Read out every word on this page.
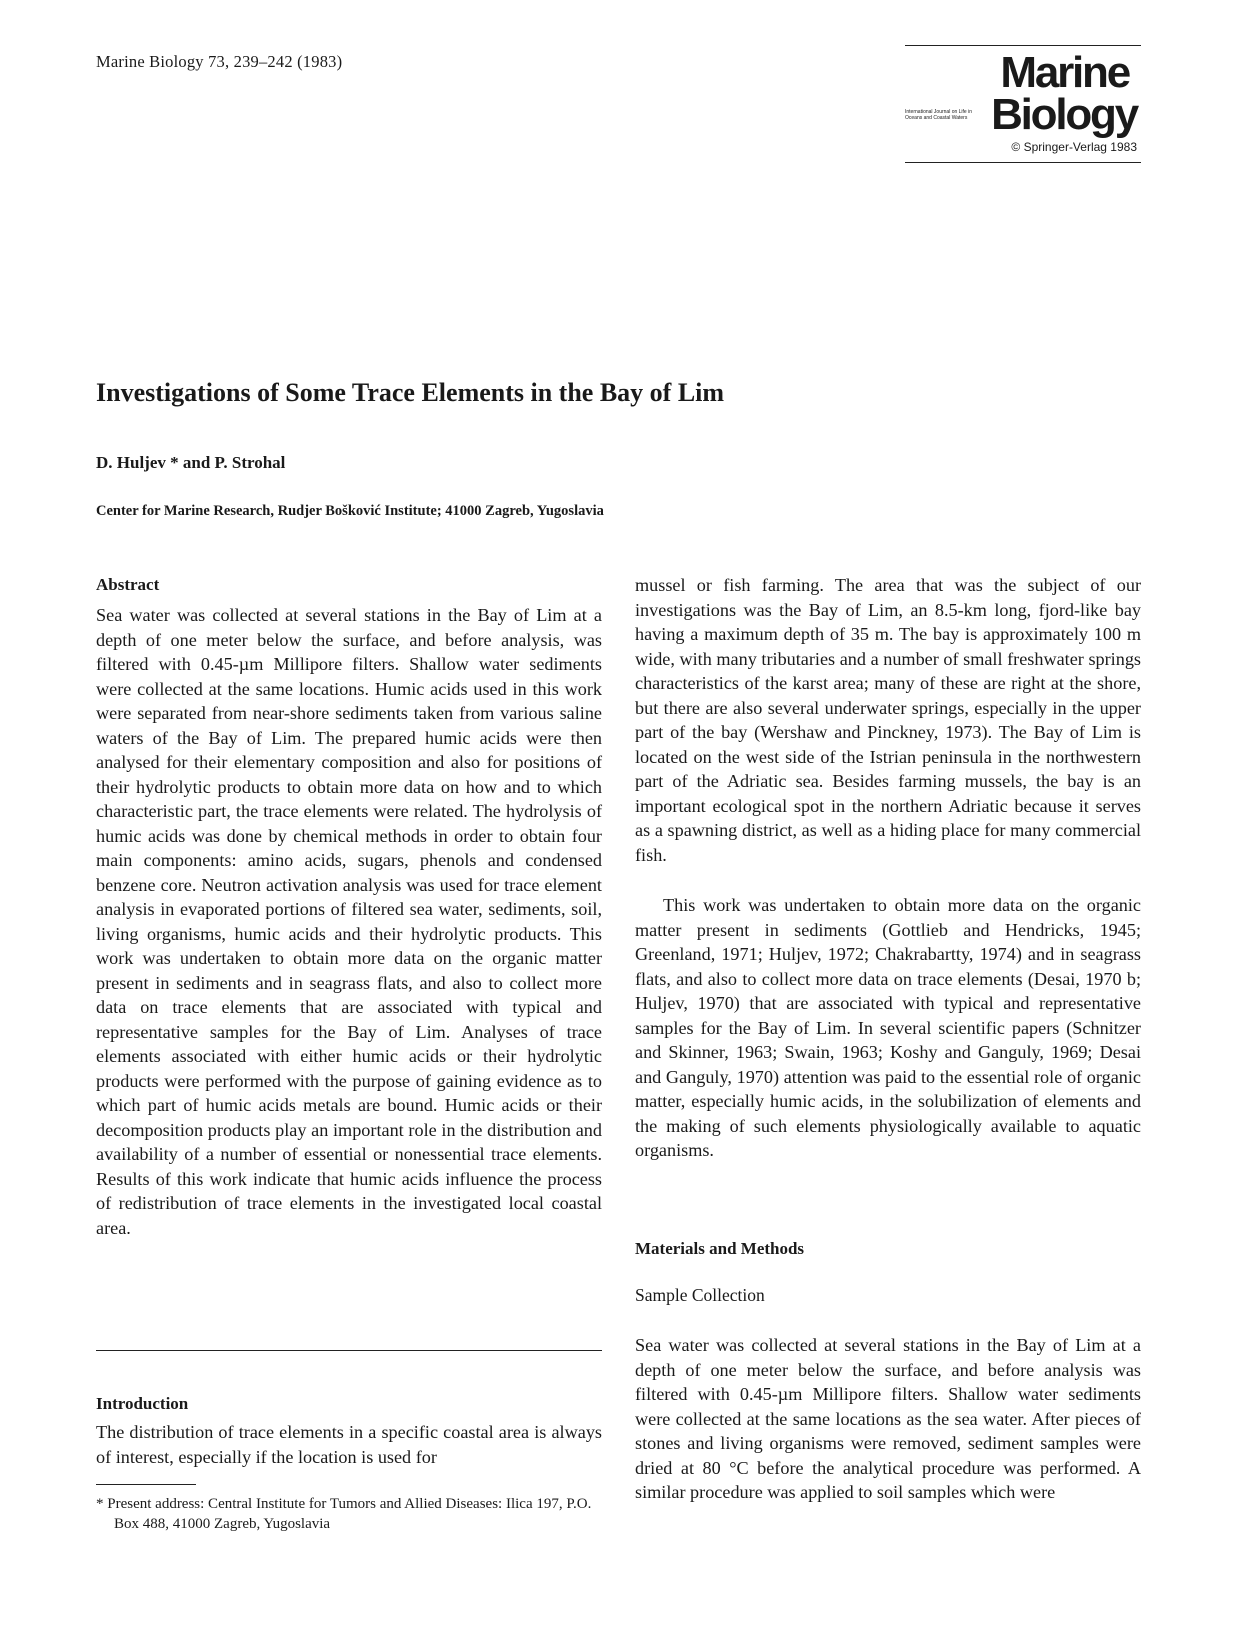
Marine Biology 73, 239–242 (1983)	Marine
International Journal on Life in Oceans and Coastal Waters Biology
© Springer-Verlag 1983
Investigations of Some Trace Elements in the Bay of Lim
D. Huljev * and P. Strohal
Center for Marine Research, Rudjer Bošković Institute; 41000 Zagreb, Yugoslavia
Abstract

Sea water was collected at several stations in the Bay of Lim at a depth of one meter below the surface, and before analysis, was filtered with 0.45-µm Millipore filters. Shallow water sediments were collected at the same locations. Humic acids used in this work were separated from near-shore sediments taken from various saline waters of the Bay of Lim. The prepared humic acids were then analysed for their elementary composition and also for positions of their hydrolytic products to obtain more data on how and to which characteristic part, the trace elements were related. The hydrolysis of humic acids was done by chemical methods in order to obtain four main components: amino acids, sugars, phenols and condensed benzene core. Neutron activation analysis was used for trace element analysis in evaporated portions of filtered sea water, sediments, soil, living organisms, humic acids and their hydrolytic products. This work was undertaken to obtain more data on the organic matter present in sediments and in seagrass flats, and also to collect more data on trace elements that are associated with typical and representative samples for the Bay of Lim. Analyses of trace elements associated with either humic acids or their hydrolytic products were performed with the purpose of gaining evidence as to which part of humic acids metals are bound. Humic acids or their decomposition products play an important role in the distribution and availability of a number of essential or nonessential trace elements. Results of this work indicate that humic acids influence the process of redistribution of trace elements in the investigated local coastal area.

Introduction

The distribution of trace elements in a specific coastal area is always of interest, especially if the location is used for

* Present address: Central Institute for Tumors and Allied Diseases: Ilica 197, P.O. Box 488, 41000 Zagreb, Yugoslavia

mussel or fish farming. The area that was the subject of our investigations was the Bay of Lim, an 8.5-km long, fjord-like bay having a maximum depth of 35 m. The bay is approximately 100 m wide, with many tributaries and a number of small freshwater springs characteristics of the karst area; many of these are right at the shore, but there are also several underwater springs, especially in the upper part of the bay (Wershaw and Pinckney, 1973). The Bay of Lim is located on the west side of the Istrian peninsula in the northwestern part of the Adriatic sea. Besides farming mussels, the bay is an important ecological spot in the northern Adriatic because it serves as a spawning district, as well as a hiding place for many commercial fish.

This work was undertaken to obtain more data on the organic matter present in sediments (Gottlieb and Hendricks, 1945; Greenland, 1971; Huljev, 1972; Chakrabartty, 1974) and in seagrass flats, and also to collect more data on trace elements (Desai, 1970 b; Huljev, 1970) that are associated with typical and representative samples for the Bay of Lim. In several scientific papers (Schnitzer and Skinner, 1963; Swain, 1963; Koshy and Ganguly, 1969; Desai and Ganguly, 1970) attention was paid to the essential role of organic matter, especially humic acids, in the solubilization of elements and the making of such elements physiologically available to aquatic organisms.

Materials and Methods
Sample Collection

Sea water was collected at several stations in the Bay of Lim at a depth of one meter below the surface, and before analysis was filtered with 0.45-µm Millipore filters. Shallow water sediments were collected at the same locations as the sea water. After pieces of stones and living organisms were removed, sediment samples were dried at 80 °C before the analytical procedure was performed. A similar procedure was applied to soil samples which were
